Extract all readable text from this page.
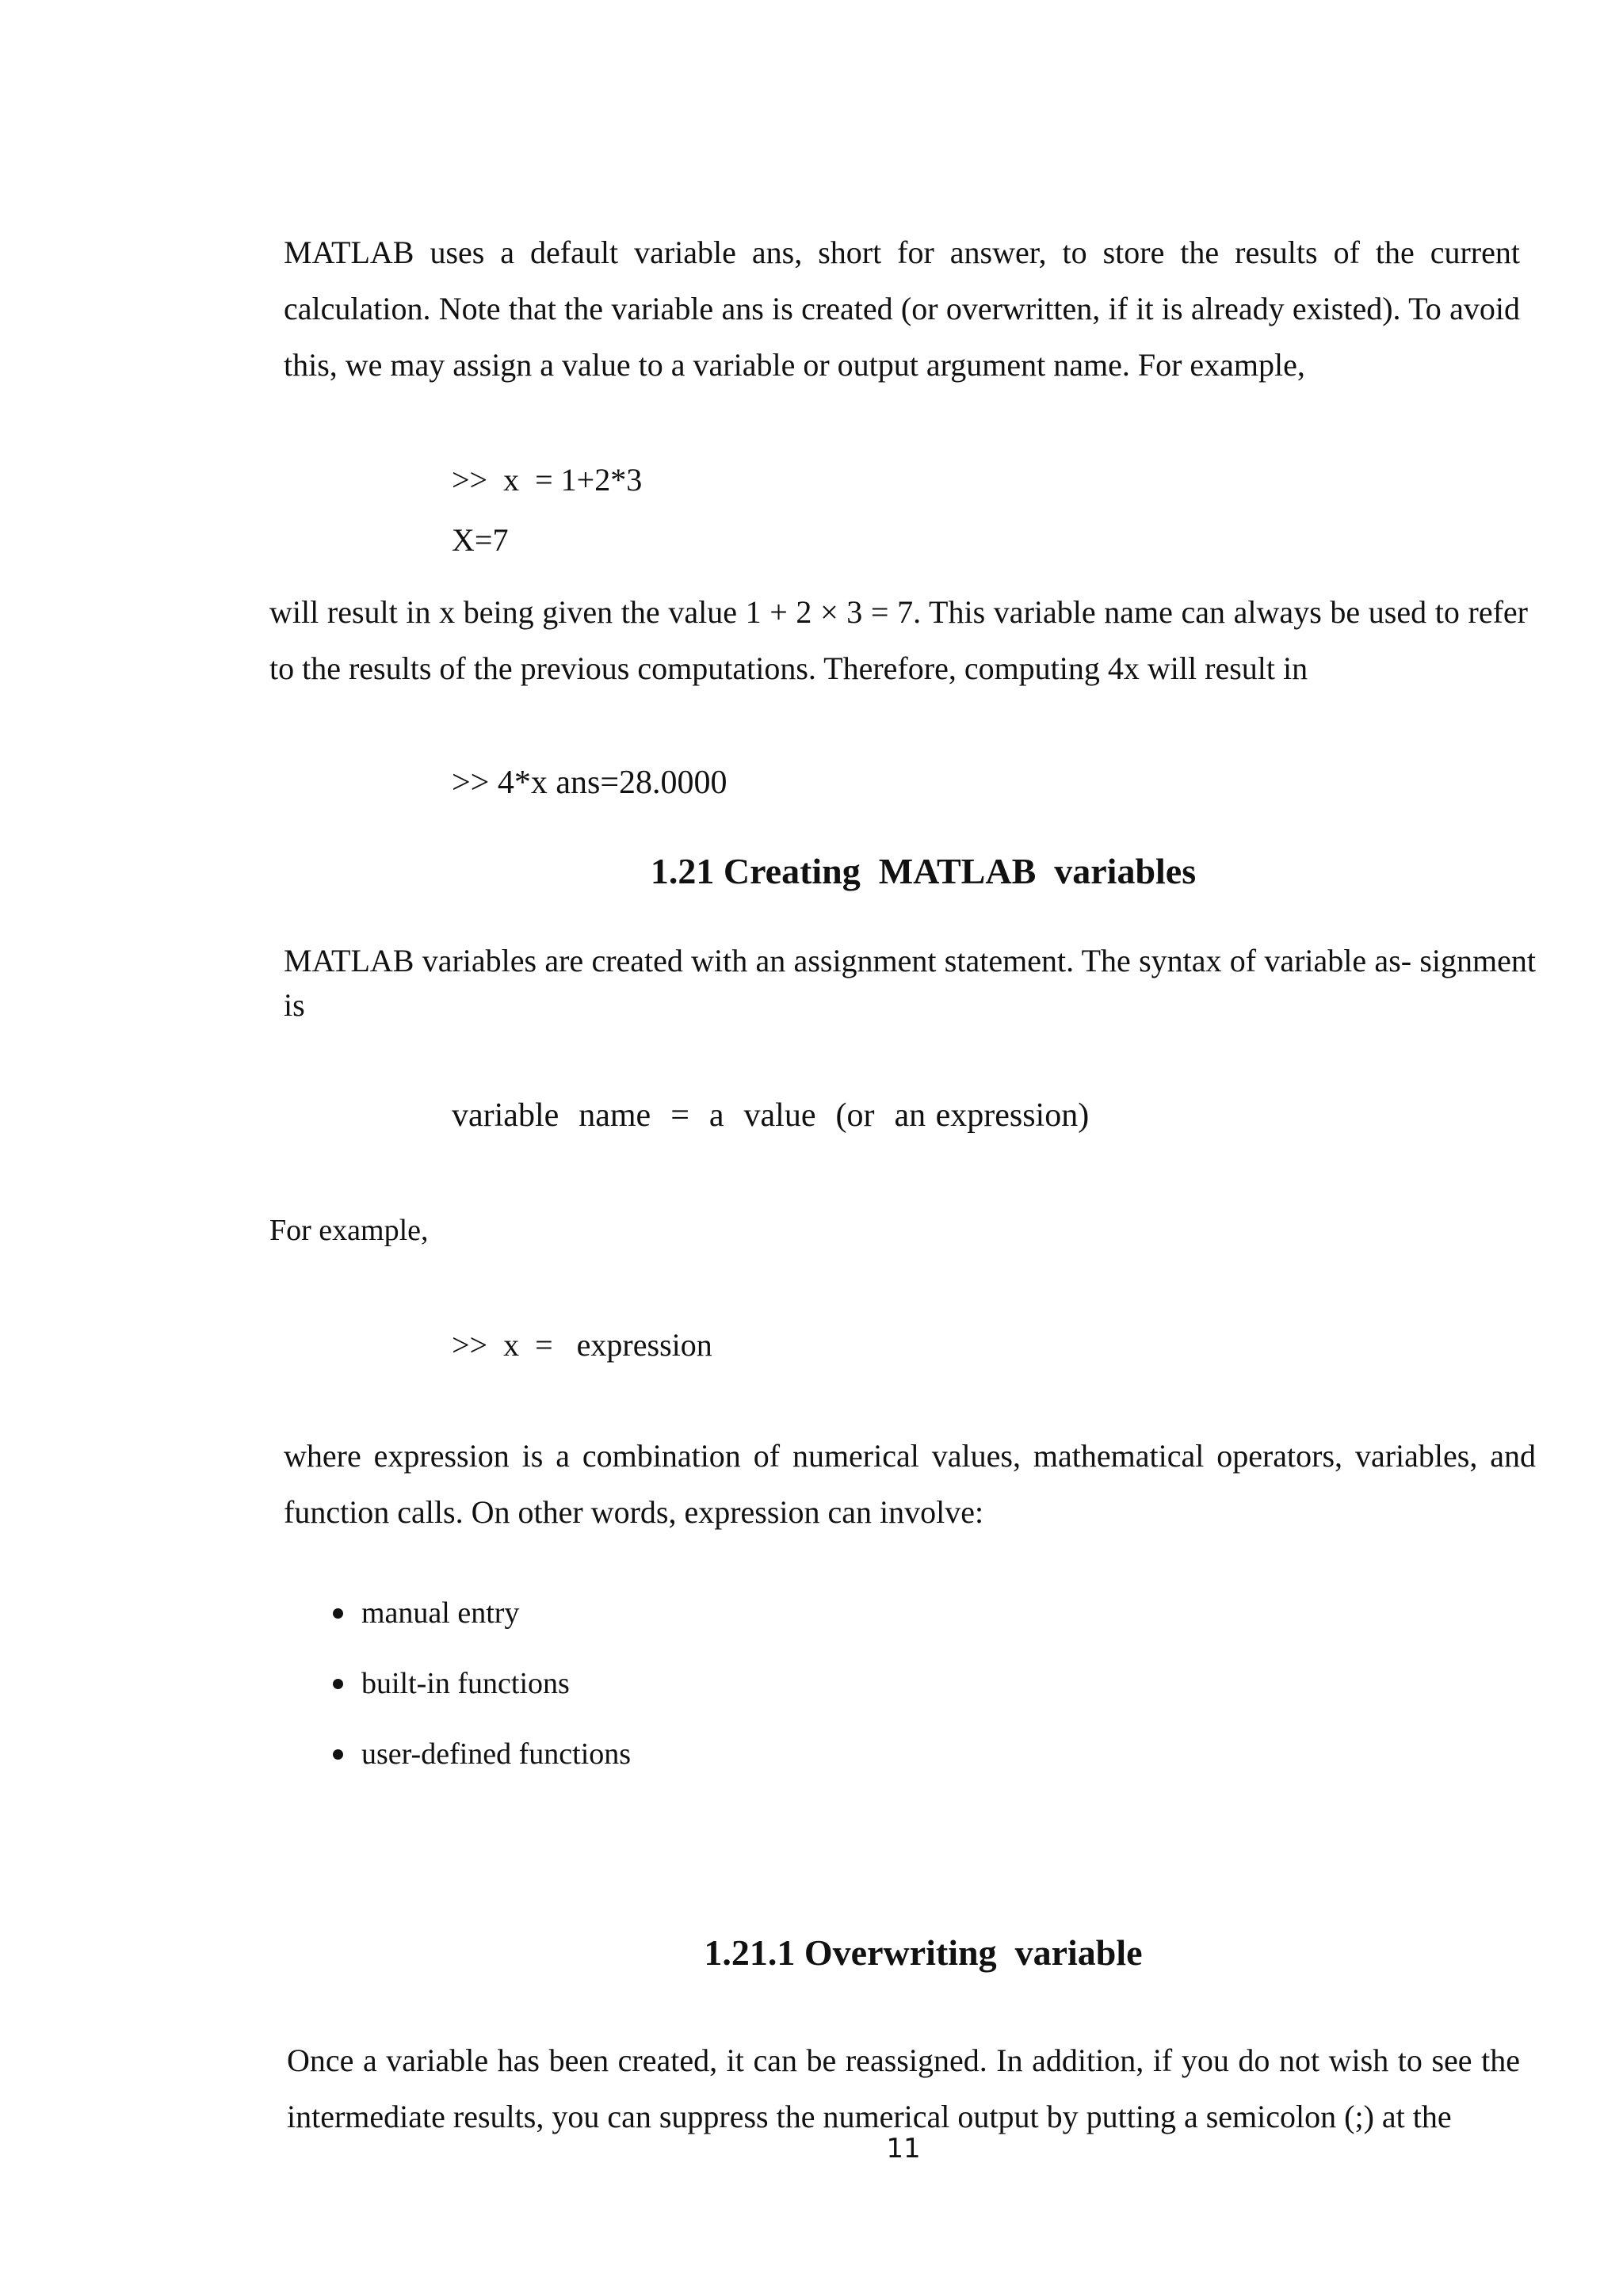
MATLAB uses a default variable ans, short for answer, to store the results of the current calculation. Note that the variable ans is created (or overwritten, if it is already existed). To avoid this, we may assign a value to a variable or output argument name. For example,

>>  x  = 1+2*3
X=7

will result in x being given the value 1 + 2 × 3 = 7. This variable name can always be used to refer to the results of the previous computations. Therefore, computing 4x will result in

>> 4*x ans=28.0000
1.21 Creating  MATLAB  variables

MATLAB variables are created with an assignment statement. The syntax of variable as- signment is

variable  name  =  a  value  (or  an expression)

For example,

>>  x  =   expression

where expression is a combination of numerical values, mathematical operators, variables, and function calls. On other words, expression can involve:

manual entry
built-in functions
user-defined functions
1.21.1 Overwriting  variable

Once a variable has been created, it can be reassigned. In addition, if you do not wish to see the intermediate results, you can suppress the numerical output by putting a semicolon (;) at the

11
